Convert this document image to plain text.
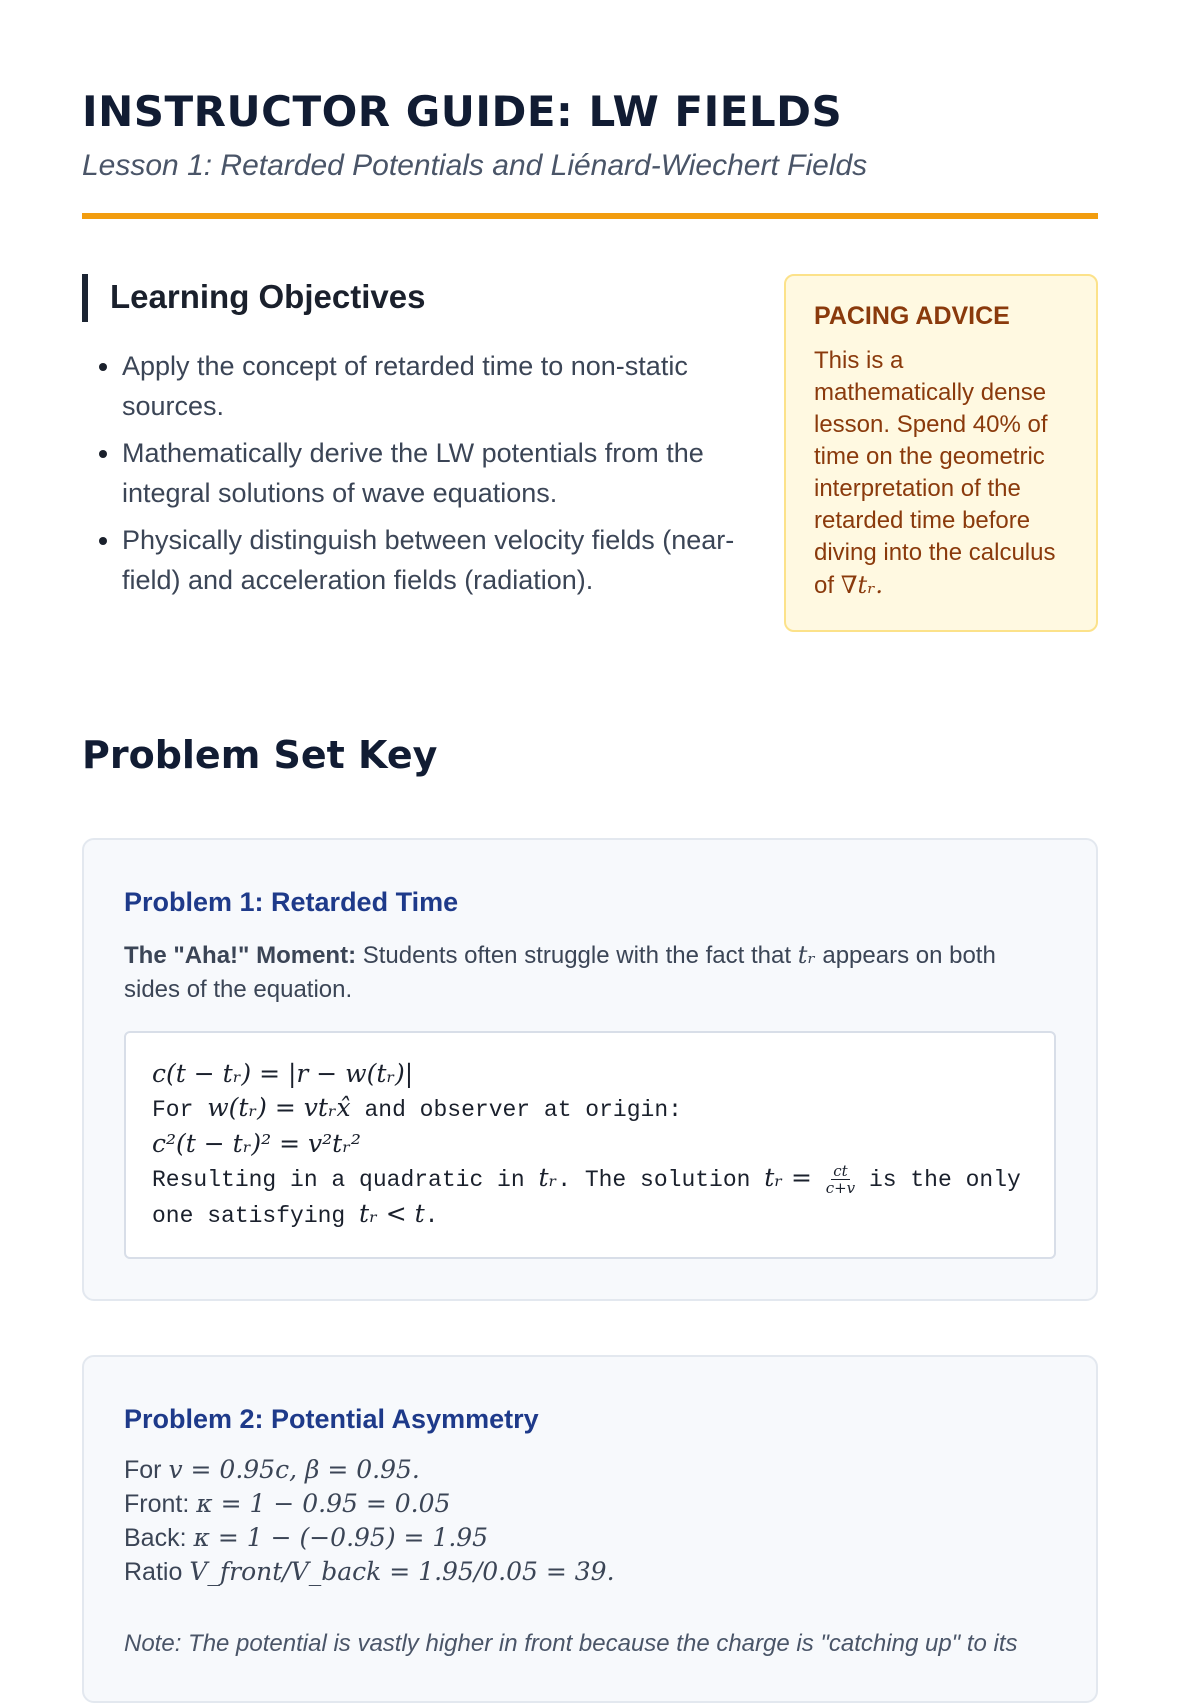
INSTRUCTOR GUIDE: LW FIELDS
Lesson 1: Retarded Potentials and Liénard-Wiechert Fields
Learning Objectives
• Apply the concept of retarded time to non-static sources.
• Mathematically derive the LW potentials from the integral solutions of wave equations.
• Physically distinguish between velocity fields (near-field) and acceleration fields (radiation).
PACING ADVICE
This is a mathematically dense lesson. Spend 40% of time on the geometric interpretation of the retarded time before diving into the calculus of ∇tᵣ.
Problem Set Key
Problem 1: Retarded Time
The "Aha!" Moment: Students often struggle with the fact that tᵣ appears on both sides of the equation.
c(t − tᵣ) = |r − w(tᵣ)|
For w(tᵣ) = vtᵣx̂ and observer at origin:
c²(t − tᵣ)² = v²tᵣ²
Resulting in a quadratic in tᵣ. The solution tᵣ = $\frac{ct}{c+v}$ is the only
one satisfying tᵣ < t.
Problem 2: Potential Asymmetry
For v = 0.95c, β = 0.95.
Front: κ = 1 − 0.95 = 0.05
Back: κ = 1 − (−0.95) = 1.95
Ratio V_front/V_back = 1.95/0.05 = 39.
Note: The potential is vastly higher in front because the charge is "catching up" to its
